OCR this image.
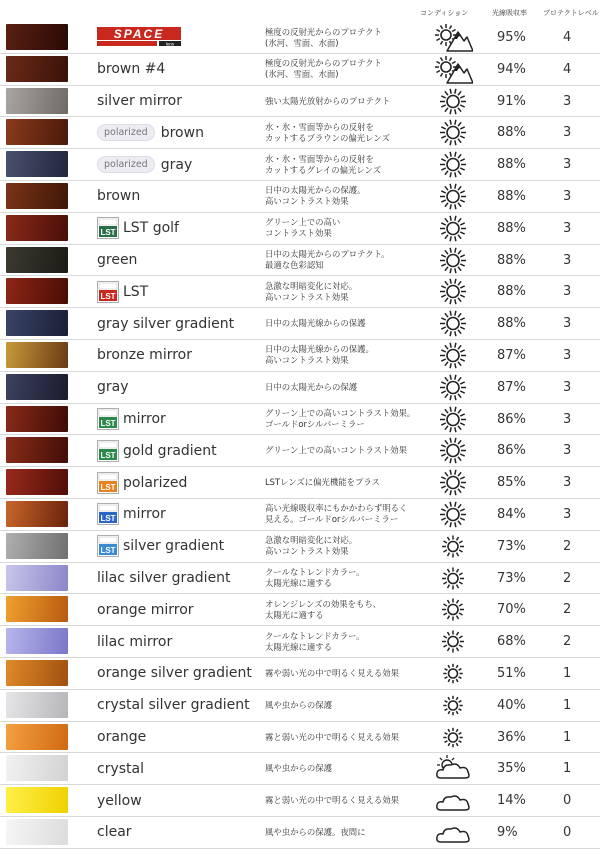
コンディション	光線吸収率 プロテクトレベル
SPACE
lens
極度の反射光からのプロテクト
(氷河、雪面、水面)	95%	4
brown #4	極度の反射光からのプロテクト
(氷河、雪面、水面)	94%	4
silver mirror	強い太陽光放射からのプロテクト	91%	3
polarized brown	水・氷・雪面等からの反射を
カットするブラウンの偏光レンズ	88%	3
polarized gray	水・氷・雪面等からの反射を
カットするグレイの偏光レンズ	88%	3
brown	日中の太陽光からの保護。
高いコントラスト効果	88%	3
LST LST golf	グリーン上での高い
コントラスト効果	88%	3
green	日中の太陽光からのプロテクト。
最適な色彩認知	88%	3
LST LST	急激な明暗変化に対応。
高いコントラスト効果	88%	3
gray silver gradient	日中の太陽光線からの保護	88%	3
bronze mirror	日中の太陽光線からの保護。
高いコントラスト効果	87%	3
gray	日中の太陽光からの保護	87%	3
LST mirror	グリーン上での高いコントラスト効果。
ゴールドorシルバーミラー	86%	3
LST gold gradient	グリーン上での高いコントラスト効果	86%	3
LST polarized	LSTレンズに偏光機能をプラス	85%	3
LST mirror	高い光線吸収率にもかかわらず明るく
見える。ゴールドorシルバーミラー	84%	3
LST silver gradient	急激な明暗変化に対応。
高いコントラスト効果	73%	2
lilac silver gradient	クールなトレンドカラー。
太陽光線に適する	73%	2
orange mirror	オレンジレンズの効果をもち、
太陽光に適する	70%	2
lilac mirror	クールなトレンドカラー。
太陽光線に適する	68%	2
orange silver gradient 霧や弱い光の中で明るく見える効果	51%	1
crystal silver gradient 風や虫からの保護	40%	1
orange	霧と弱い光の中で明るく見える効果	36%	1
crystal	風や虫からの保護	35%	1
yellow	霧と弱い光の中で明るく見える効果	14%	0
clear	風や虫からの保護。夜間に	9%	0
